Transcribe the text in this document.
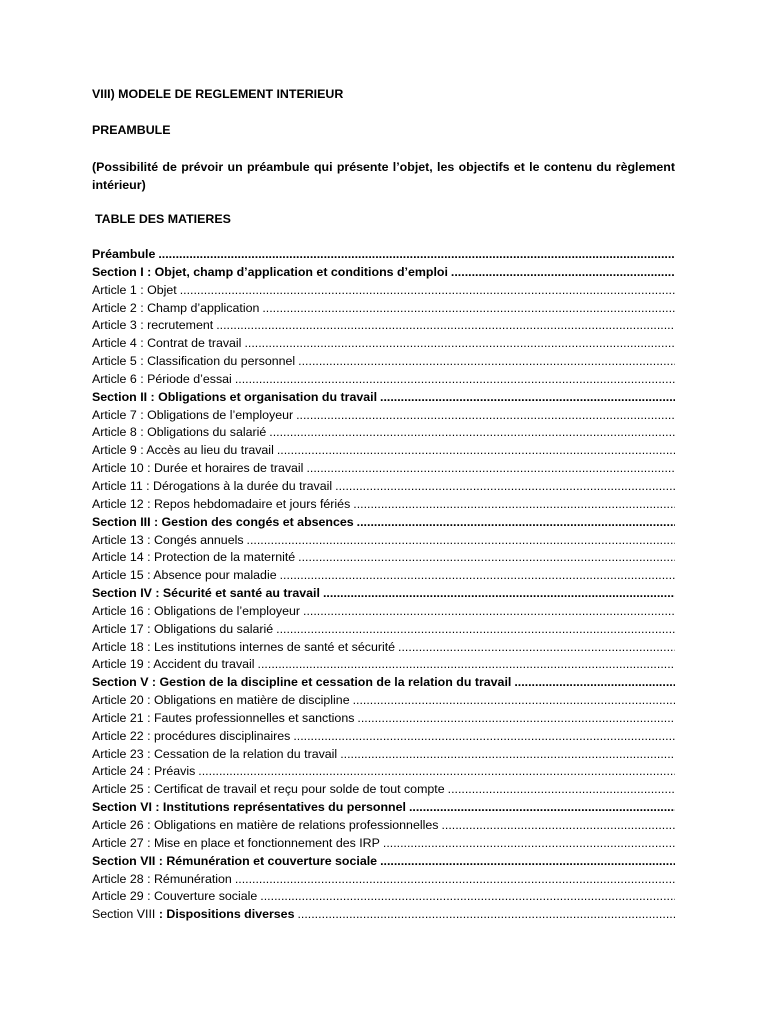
VIII) MODELE DE REGLEMENT INTERIEUR
PREAMBULE
(Possibilité de prévoir un préambule qui présente l’objet, les objectifs et le contenu du règlement intérieur)
TABLE DES MATIERES
Préambule
.....
Section I : Objet, champ d’application et conditions d’emploi
.....
Article 1 : Objet
.....
Article 2 : Champ d’application
.....
Article 3 : recrutement
.....
Article 4 : Contrat de travail
.....
Article 5 : Classification du personnel
.....
Article 6 : Période d’essai
.....
Section II : Obligations et organisation du travail
.....
Article 7 : Obligations de l’employeur
.....
Article 8 : Obligations du salarié
.....
Article 9 : Accès au lieu du travail
.....
Article 10 : Durée et horaires de travail
.....
Article 11 : Dérogations à la durée du travail
.....
Article 12 : Repos hebdomadaire et jours fériés
.....
Section III : Gestion des congés et absences
.....
Article 13 : Congés annuels
.....
Article 14 : Protection de la maternité
.....
Article 15 : Absence pour maladie
.....
Section IV : Sécurité et santé au travail
.....
Article 16 : Obligations de l’employeur
.....
Article 17 : Obligations du salarié
.....
Article 18 : Les institutions internes de santé et sécurité
.....
Article 19 : Accident du travail
.....
Section V : Gestion de la discipline et cessation de la relation du travail
.....
Article 20 : Obligations en matière de discipline
.....
Article 21 : Fautes professionnelles et sanctions
.....
Article 22 : procédures disciplinaires
.....
Article 23 : Cessation de la relation du travail
.....
Article 24 : Préavis
.....
Article 25 : Certificat de travail et reçu pour solde de tout compte
.....
Section VI : Institutions représentatives du personnel
.....
Article 26 : Obligations en matière de relations professionnelles
.....
Article 27 : Mise en place et fonctionnement des IRP
.....
Section VII : Rémunération et couverture sociale
.....
Article 28 : Rémunération
.....
Article 29 : Couverture sociale
.....
Section VIII : Dispositions diverses
.....
